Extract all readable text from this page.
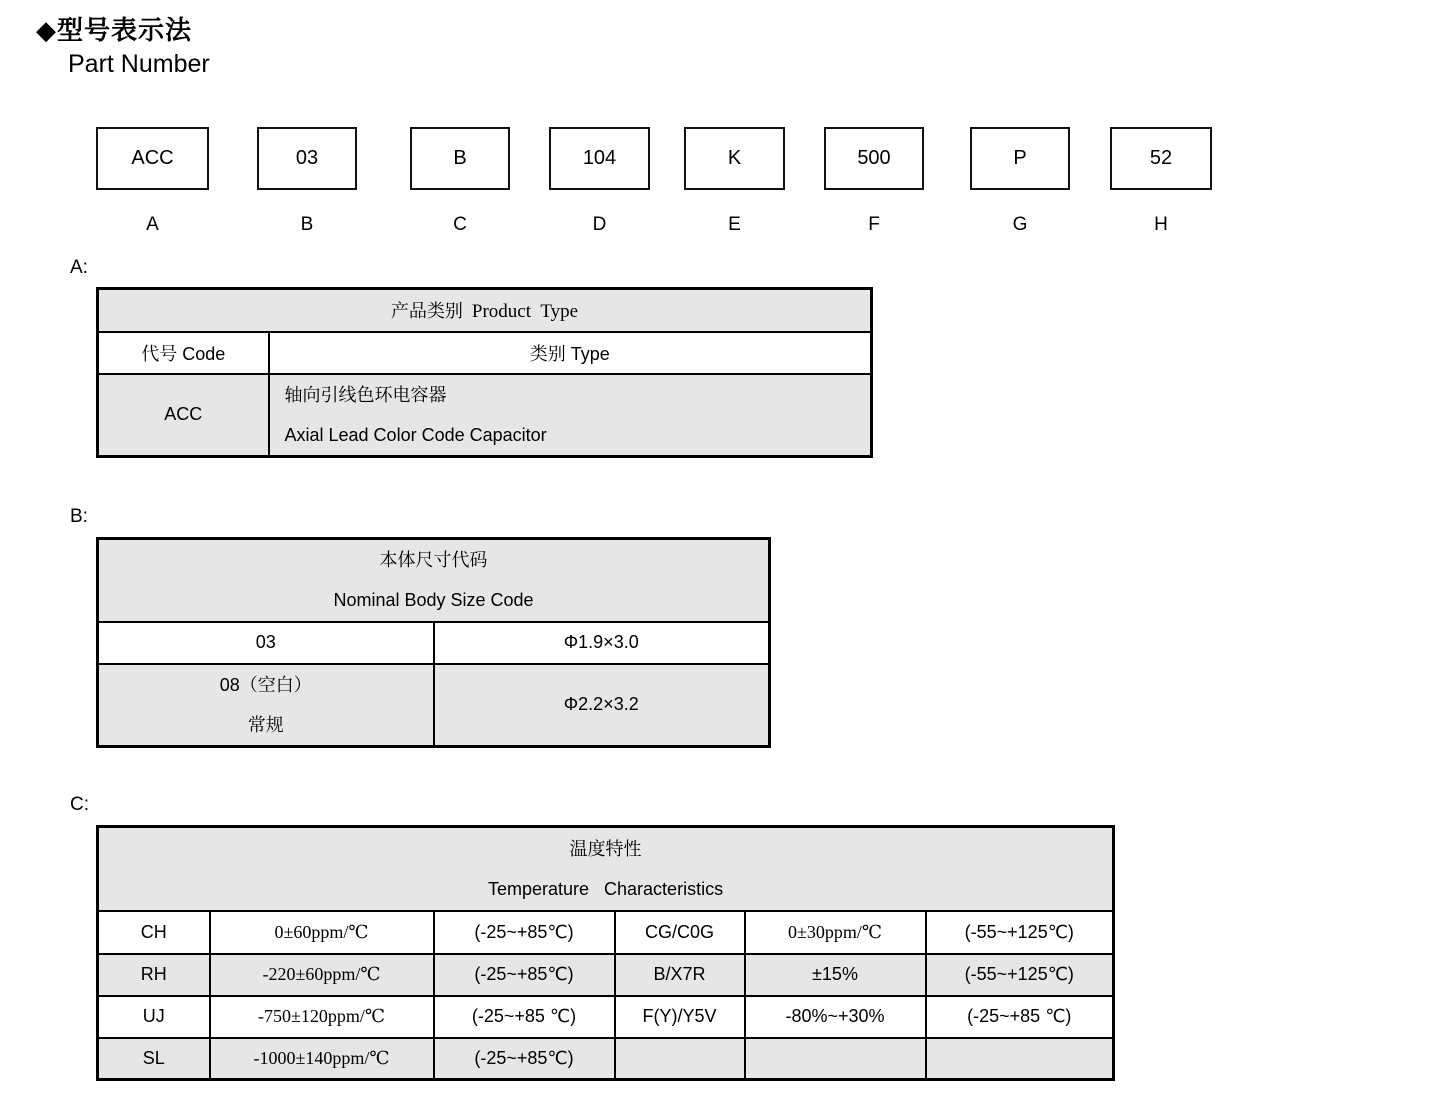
◆型号表示法
Part Number
ACC	03	B	104	K	500	P	52
A	B	C	D	E	F	G	H
A:
产品类别 Product Type	
代号 Code	类别 Type
ACC	轴向引线色环电容器
Axial Lead Color Code Capacitor
B:
本体尺寸代码
Nominal Body Size Code	

03	Φ1.9×3.0

08（空白）
常规	Φ2.2×3.2
C:
温度特性
Temperature   Characteristics					

CH	0±60ppm/℃	(-25~+85℃)	CG/C0G	0±30ppm/℃	(-55~+125℃)
RH	-220±60ppm/℃	(-25~+85℃)	B/X7R	±15%	(-55~+125℃)
UJ	-750±120ppm/℃	(-25~+85 ℃)	F(Y)/Y5V	-80%~+30%	(-25~+85 ℃)
SL	-1000±140ppm/℃	(-25~+85℃)			
